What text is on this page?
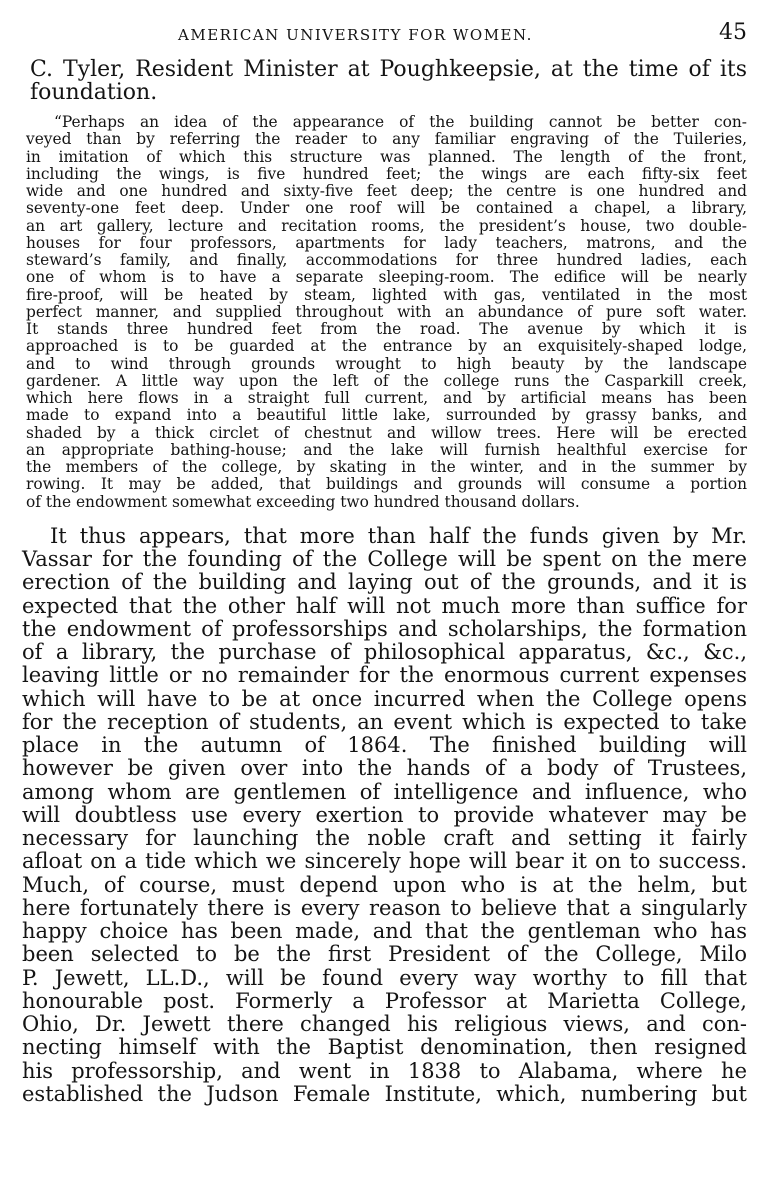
AMERICAN UNIVERSITY FOR WOMEN.	45
C. Tyler, Resident Minister at Poughkeepsie, at the time of its
foundation.
“Perhaps an idea of the appearance of the building cannot be better con-
veyed than by referring the reader to any familiar engraving of the Tuileries,
in imitation of which this structure was planned. The length of the front,
including the wings, is five hundred feet; the wings are each fifty-six feet
wide and one hundred and sixty-five feet deep; the centre is one hundred and
seventy-one feet deep. Under one roof will be contained a chapel, a library,
an art gallery, lecture and recitation rooms, the president’s house, two double-
houses for four professors, apartments for lady teachers, matrons, and the
steward’s family, and finally, accommodations for three hundred ladies, each
one of whom is to have a separate sleeping-room. The edifice will be nearly
fire-proof, will be heated by steam, lighted with gas, ventilated in the most
perfect manner, and supplied throughout with an abundance of pure soft water.
It stands three hundred feet from the road. The avenue by which it is
approached is to be guarded at the entrance by an exquisitely-shaped lodge,
and to wind through grounds wrought to high beauty by the landscape
gardener. A little way upon the left of the college runs the Casparkill creek,
which here flows in a straight full current, and by artificial means has been
made to expand into a beautiful little lake, surrounded by grassy banks, and
shaded by a thick circlet of chestnut and willow trees. Here will be erected
an appropriate bathing-house; and the lake will furnish healthful exercise for
the members of the college, by skating in the winter, and in the summer by
rowing. It may be added, that buildings and grounds will consume a portion
of the endowment somewhat exceeding two hundred thousand dollars.
It thus appears, that more than half the funds given by Mr.
Vassar for the founding of the College will be spent on the mere
erection of the building and laying out of the grounds, and it is
expected that the other half will not much more than suffice for
the endowment of professorships and scholarships, the formation
of a library, the purchase of philosophical apparatus, &c., &c.,
leaving little or no remainder for the enormous current expenses
which will have to be at once incurred when the College opens
for the reception of students, an event which is expected to take
place in the autumn of 1864. The finished building will
however be given over into the hands of a body of Trustees,
among whom are gentlemen of intelligence and influence, who
will doubtless use every exertion to provide whatever may be
necessary for launching the noble craft and setting it fairly
afloat on a tide which we sincerely hope will bear it on to success.
Much, of course, must depend upon who is at the helm, but
here fortunately there is every reason to believe that a singularly
happy choice has been made, and that the gentleman who has
been selected to be the first President of the College, Milo
P. Jewett, LL.D., will be found every way worthy to fill that
honourable post. Formerly a Professor at Marietta College,
Ohio, Dr. Jewett there changed his religious views, and con-
necting himself with the Baptist denomination, then resigned
his professorship, and went in 1838 to Alabama, where he
established the Judson Female Institute, which, numbering but
